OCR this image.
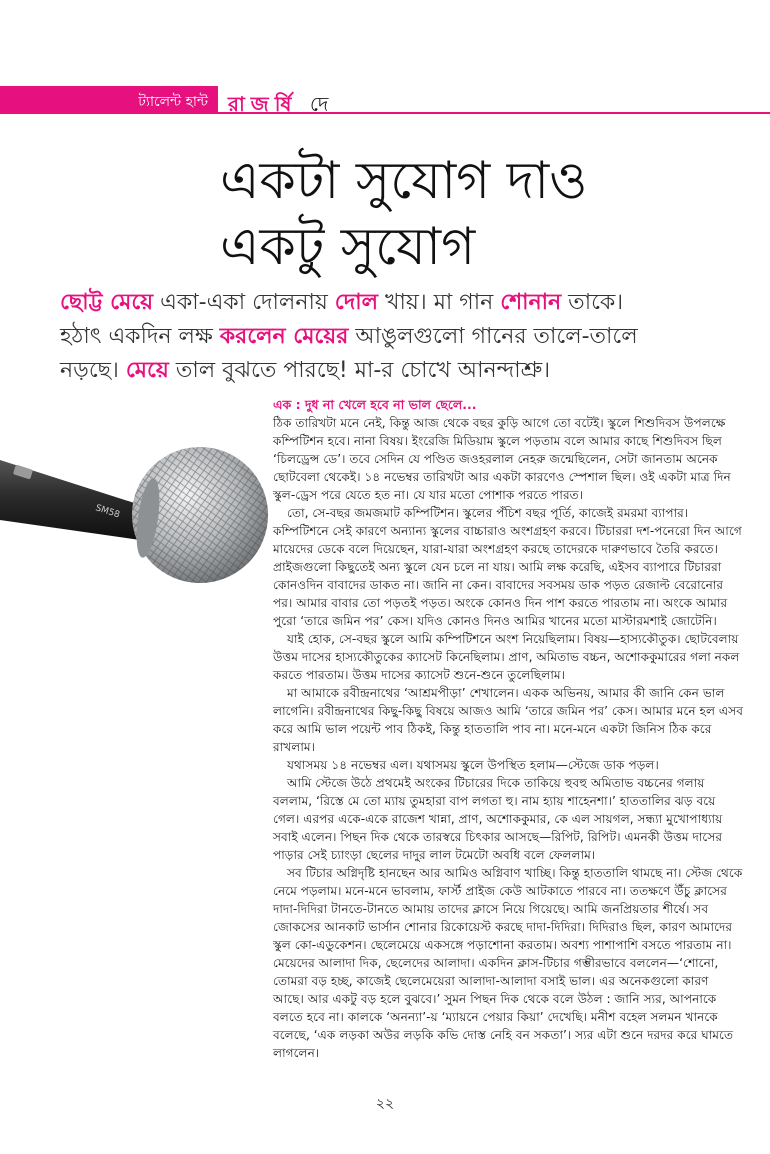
ট্যালেন্ট হান্ট	রাজর্ষি দে
একটা সুযোগ দাও
একটু সুযোগ
ছোট্ট মেয়ে একা-একা দোলনায় দোল খায়। মা গান শোনান তাকে।
হঠাৎ একদিন লক্ষ করলেন মেয়ের আঙুলগুলো গানের তালে-তালে
নড়ছে। মেয়ে তাল বুঝতে পারছে! মা-র চোখে আনন্দাশ্রু।
SM58
এক : দুধ না খেলে হবে না ভাল ছেলে...

ঠিক তারিখটা মনে নেই, কিন্তু আজ থেকে বছর কুড়ি আগে তো বটেই। স্কুলে শিশুদিবস উপলক্ষে কম্পিটিশন হবে। নানা বিষয়। ইংরেজি মিডিয়াম স্কুলে পড়তাম বলে আমার কাছে শিশুদিবস ছিল ‘চিলড্রেন্স ডে’। তবে সেদিন যে পণ্ডিত জওহরলাল নেহরু জন্মেছিলেন, সেটা জানতাম অনেক ছোটবেলা থেকেই। ১৪ নভেম্বর তারিখটা আর একটা কারণেও স্পেশাল ছিল। ওই একটা মাত্র দিন স্কুল-ড্রেস পরে যেতে হত না। যে যার মতো পোশাক পরতে পারত।

তো, সে-বছর জমজমাট কম্পিটিশন। স্কুলের পঁচিশ বছর পূর্তি, কাজেই রমরমা ব্যাপার। কম্পিটিশনে সেই কারণে অন্যান্য স্কুলের বাচ্চারাও অংশগ্রহণ করবে। টিচাররা দশ-পনেরো দিন আগে মায়েদের ডেকে বলে দিয়েছেন, যারা-যারা অংশগ্রহণ করছে তাদেরকে দারুণভাবে তৈরি করতে। প্রাইজগুলো কিছুতেই অন্য স্কুলে যেন চলে না যায়। আমি লক্ষ করেছি, এইসব ব্যাপারে টিচাররা কোনওদিন বাবাদের ডাকত না। জানি না কেন। বাবাদের সবসময় ডাক পড়ত রেজাল্ট বেরোনোর পর। আমার বাবার তো পড়তই পড়ত। অংকে কোনও দিন পাশ করতে পারতাম না। অংকে আমার পুরো ‘তারে জমিন পর’ কেস। যদিও কোনও দিনও আমির খানের মতো মাস্টারমশাই জোটেনি।

যাই হোক, সে-বছর স্কুলে আমি কম্পিটিশনে অংশ নিয়েছিলাম। বিষয়—হাস্যকৌতুক। ছোটবেলায় উত্তম দাসের হাস্যকৌতুকের ক্যাসেট কিনেছিলাম। প্রাণ, অমিতাভ বচ্চন, অশোককুমারের গলা নকল করতে পারতাম। উত্তম দাসের ক্যাসেট শুনে-শুনে তুলেছিলাম।

মা আমাকে রবীন্দ্রনাথের ‘আশ্রমপীড়া’ শেখালেন। একক অভিনয়, আমার কী জানি কেন ভাল লাগেনি। রবীন্দ্রনাথের কিছু-কিছু বিষয়ে আজও আমি ‘তারে জমিন পর’ কেস। আমার মনে হল এসব করে আমি ভাল পয়েন্ট পাব ঠিকই, কিন্তু হাততালি পাব না। মনে-মনে একটা জিনিস ঠিক করে রাখলাম।

যথাসময় ১৪ নভেম্বর এল। যথাসময় স্কুলে উপস্থিত হলাম—স্টেজে ডাক পড়ল।

আমি স্টেজে উঠে প্রথমেই অংকের টিচারের দিকে তাকিয়ে হুবহু অমিতাভ বচ্চনের গলায় বললাম, ‘রিস্তে মে তো ম্যায় তুমহারা বাপ লগতা হু। নাম হ্যায় শাহেনশা।’ হাততালির ঝড় বয়ে গেল। এরপর একে-একে রাজেশ খান্না, প্রাণ, অশোককুমার, কে এল সায়গল, সন্ধ্যা মুখোপাধ্যায় সবাই এলেন। পিছন দিক থেকে তারস্বরে চিৎকার আসছে—রিপিট, রিপিট। এমনকী উত্তম দাসের পাড়ার সেই চ্যাংড়া ছেলের দাদুর লাল টমেটো অবধি বলে ফেললাম।

সব টিচার অগ্নিদৃষ্টি হানছেন আর আমিও অগ্নিবাণ খাচ্ছি। কিন্তু হাততালি থামছে না। স্টেজ থেকে নেমে পড়লাম। মনে-মনে ভাবলাম, ফার্স্ট প্রাইজ কেউ আটকাতে পারবে না। ততক্ষণে উঁচু ক্লাসের দাদা-দিদিরা টানতে-টানতে আমায় তাদের ক্লাসে নিয়ে গিয়েছে। আমি জনপ্রিয়তার শীর্ষে। সব জোকসের আনকাট ভার্সান শোনার রিকোয়েস্ট করছে দাদা-দিদিরা। দিদিরাও ছিল, কারণ আমাদের স্কুল কো-এডুকেশন। ছেলেমেয়ে একসঙ্গে পড়াশোনা করতাম। অবশ্য পাশাপাশি বসতে পারতাম না। মেয়েদের আলাদা দিক, ছেলেদের আলাদা। একদিন ক্লাস-টিচার গম্ভীরভাবে বললেন—‘শোনো, তোমরা বড় হচ্ছ, কাজেই ছেলেমেয়েরা আলাদা-আলাদা বসাই ভাল। এর অনেকগুলো কারণ আছে। আর একটু বড় হলে বুঝবে।’ সুমন পিছন দিক থেকে বলে উঠল : জানি স্যর, আপনাকে বলতে হবে না। কালকে ‘অনন্যা’-য় ‘ম্যায়নে পেয়ার কিয়া’ দেখেছি। মনীশ বহেল সলমন খানকে বলেছে, ‘এক লড়কা অউর লড়কি কভি দোস্ত নেহি বন সকতা’। স্যর এটা শুনে দরদর করে ঘামতে লাগলেন।

২২
